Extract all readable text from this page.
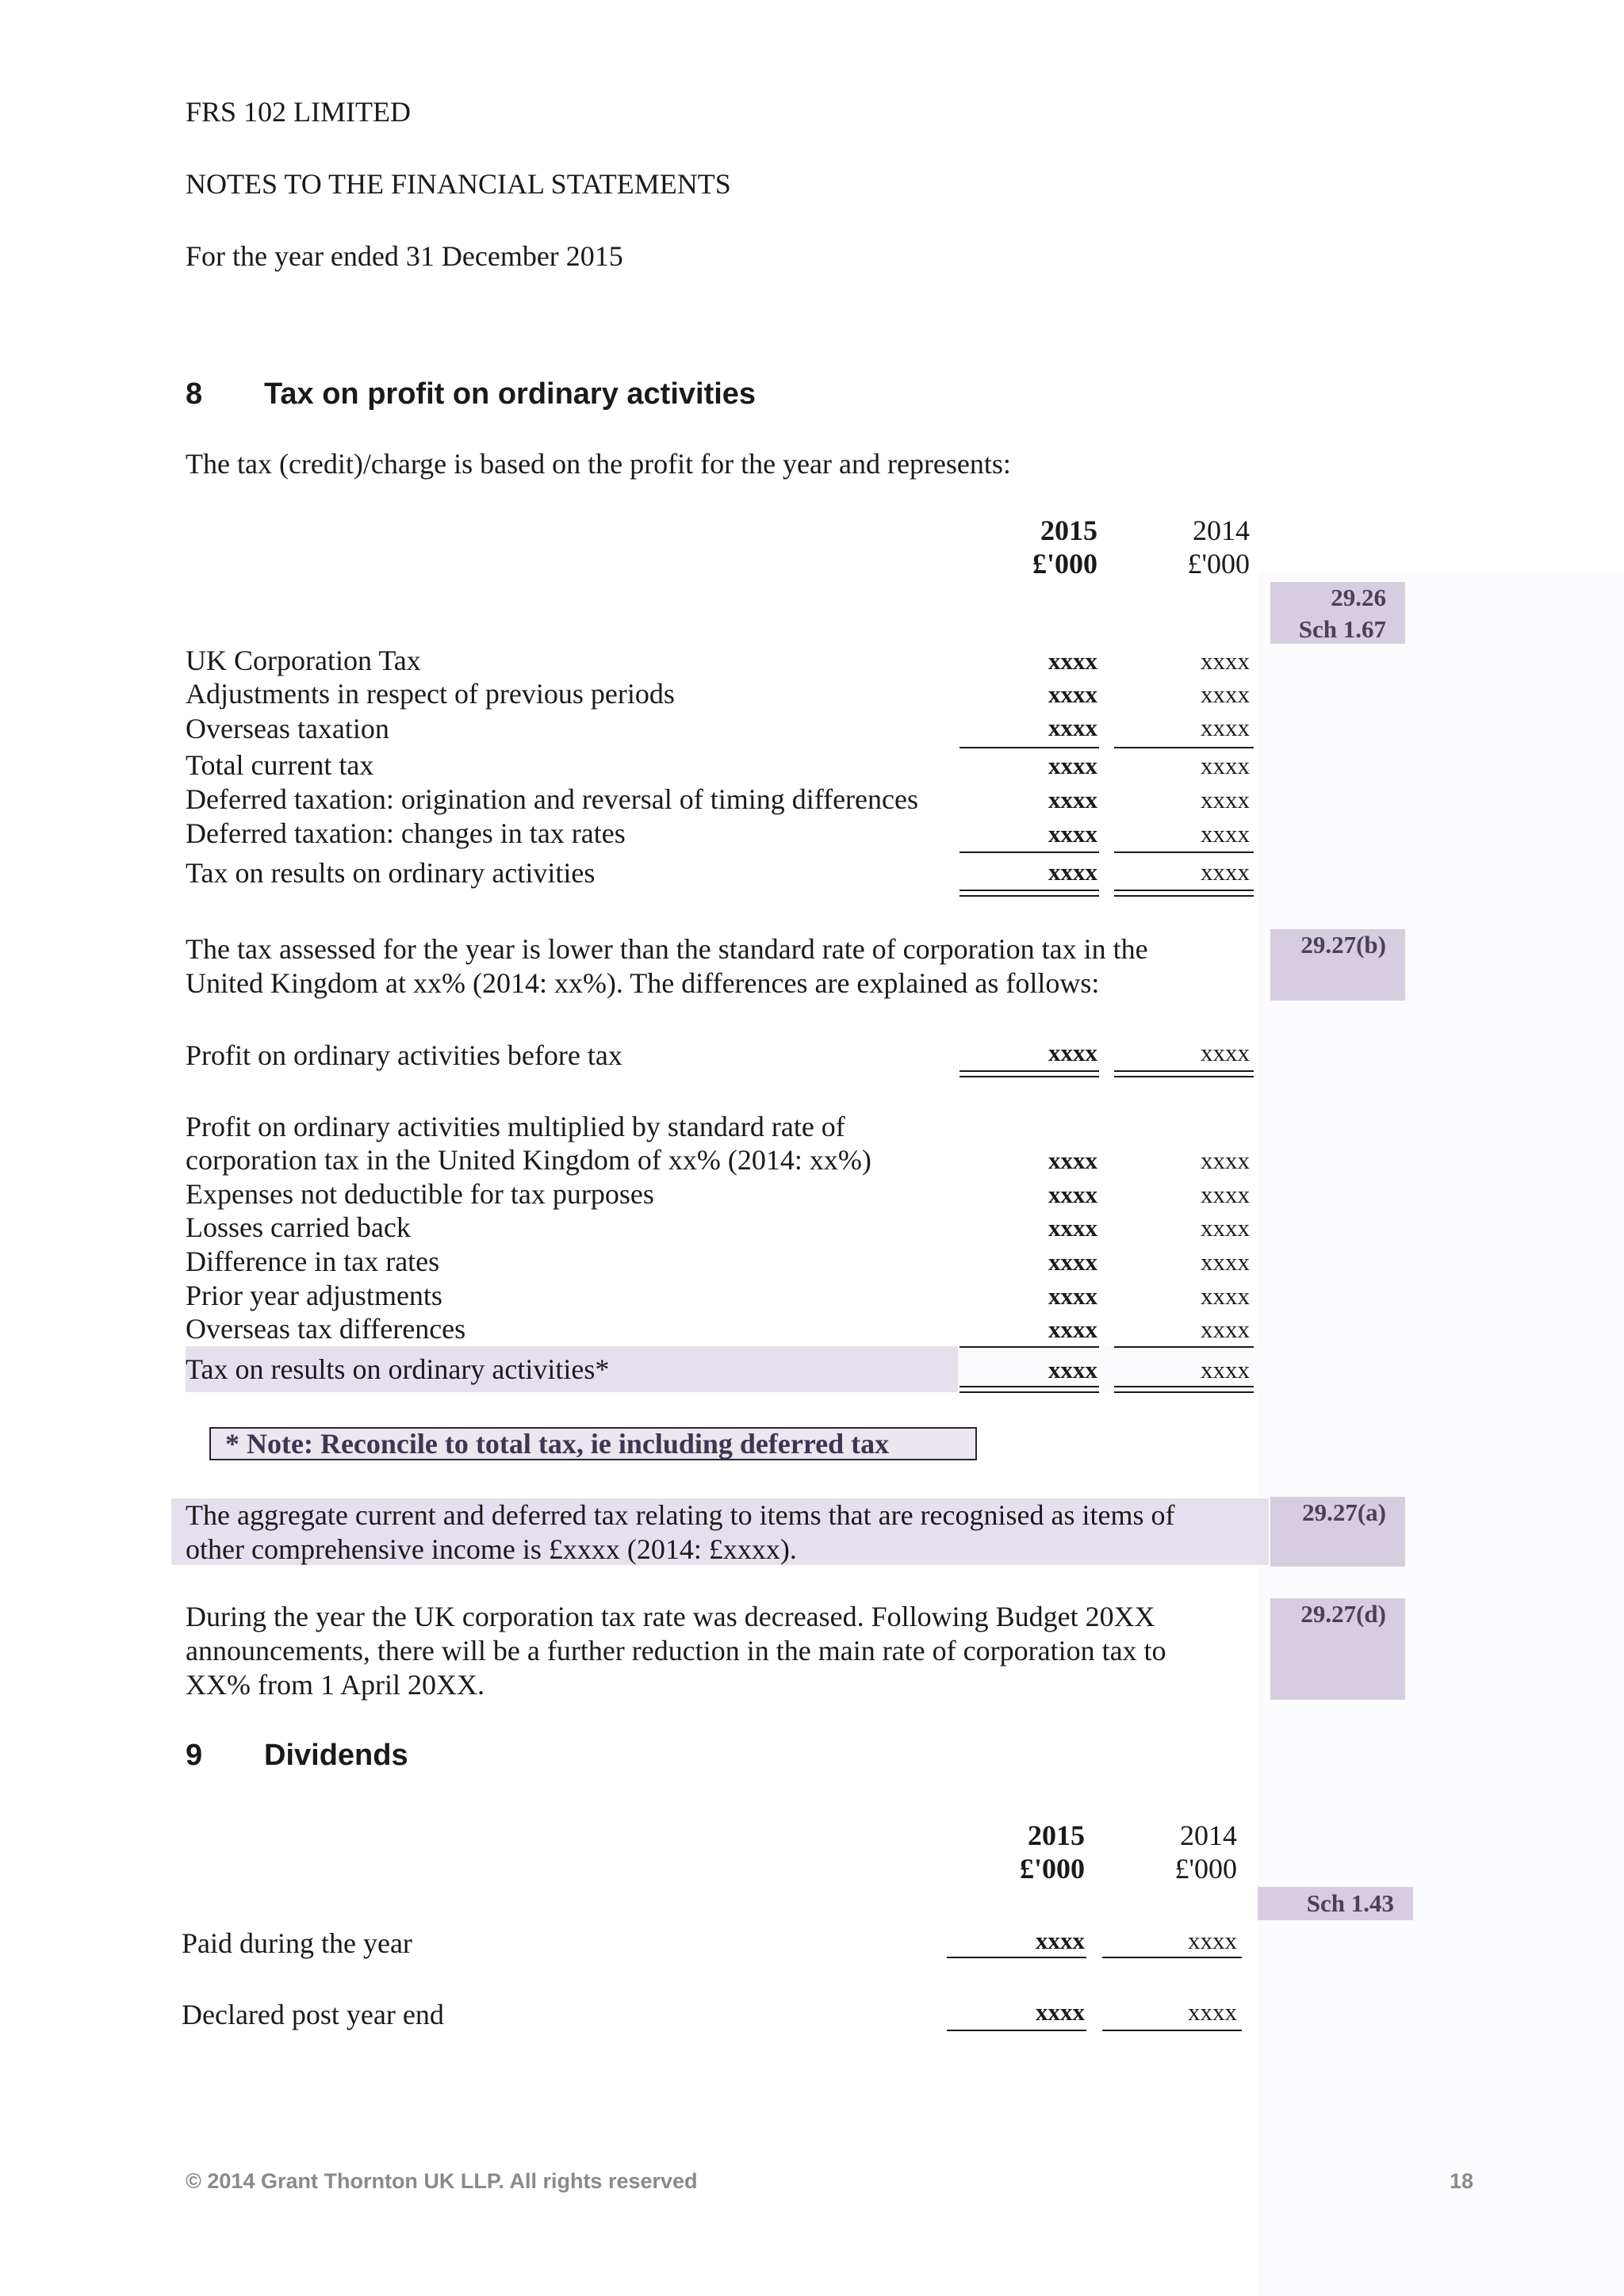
FRS 102 LIMITED
NOTES TO THE FINANCIAL STATEMENTS
For the year ended 31 December 2015
8 Tax on profit on ordinary activities
The tax (credit)/charge is based on the profit for the year and represents:
2015	2014
£'000	£'000
29.26
Sch 1.67
UK Corporation Tax	xxxx	xxxx
Adjustments in respect of previous periods	xxxx	xxxx
Overseas taxation	xxxx	xxxx
Total current tax	xxxx	xxxx
Deferred taxation: origination and reversal of timing differences	xxxx	xxxx
Deferred taxation: changes in tax rates	xxxx	xxxx
Tax on results on ordinary activities	xxxx	xxxx
The tax assessed for the year is lower than the standard rate of corporation tax in the
United Kingdom at xx% (2014: xx%). The differences are explained as follows:
29.27(b)
Profit on ordinary activities before tax	xxxx	xxxx
Profit on ordinary activities multiplied by standard rate of
corporation tax in the United Kingdom of xx% (2014: xx%)	xxxx	xxxx
Expenses not deductible for tax purposes	xxxx	xxxx
Losses carried back	xxxx	xxxx
Difference in tax rates	xxxx	xxxx
Prior year adjustments	xxxx	xxxx
Overseas tax differences	xxxx	xxxx
Tax on results on ordinary activities*	xxxx	xxxx
* Note: Reconcile to total tax, ie including deferred tax
The aggregate current and deferred tax relating to items that are recognised as items of
other comprehensive income is £xxxx (2014: £xxxx).
29.27(a)
During the year the UK corporation tax rate was decreased. Following Budget 20XX
announcements, there will be a further reduction in the main rate of corporation tax to
XX% from 1 April 20XX.
29.27(d)
9 Dividends
2015	2014
£'000	£'000
Sch 1.43
Paid during the year	xxxx	xxxx
Declared post year end	xxxx	xxxx
© 2014 Grant Thornton UK LLP. All rights reserved	18
